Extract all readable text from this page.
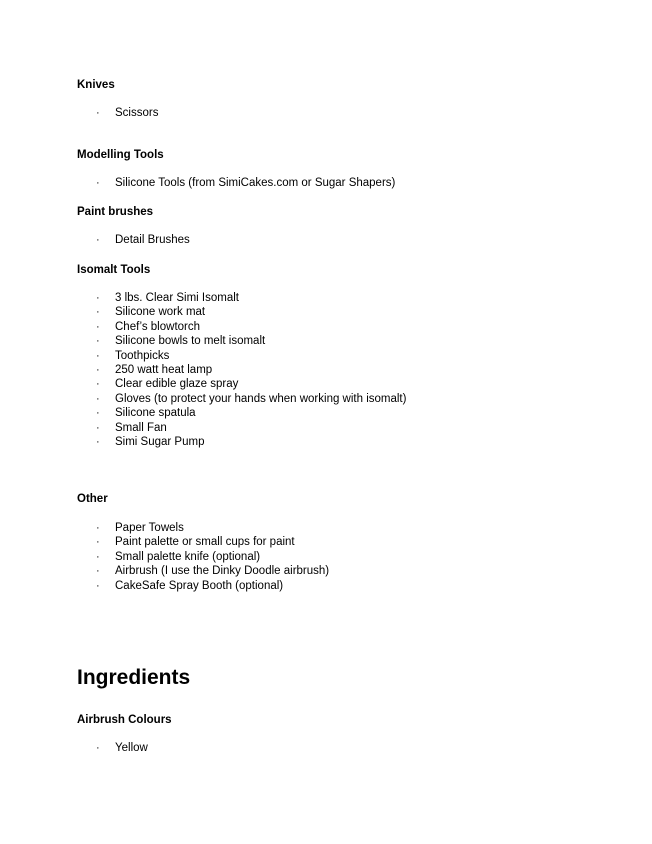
Knives
· Scissors
Modelling Tools
· Silicone Tools (from SimiCakes.com or Sugar Shapers)
Paint brushes
· Detail Brushes
Isomalt Tools
· 3 lbs. Clear Simi Isomalt
· Silicone work mat
· Chef’s blowtorch
· Silicone bowls to melt isomalt
· Toothpicks
· 250 watt heat lamp
· Clear edible glaze spray
· Gloves (to protect your hands when working with isomalt)
· Silicone spatula
· Small Fan
· Simi Sugar Pump
Other
· Paper Towels
· Paint palette or small cups for paint
· Small palette knife (optional)
· Airbrush (I use the Dinky Doodle airbrush)
· CakeSafe Spray Booth (optional)
Ingredients
Airbrush Colours
· Yellow
